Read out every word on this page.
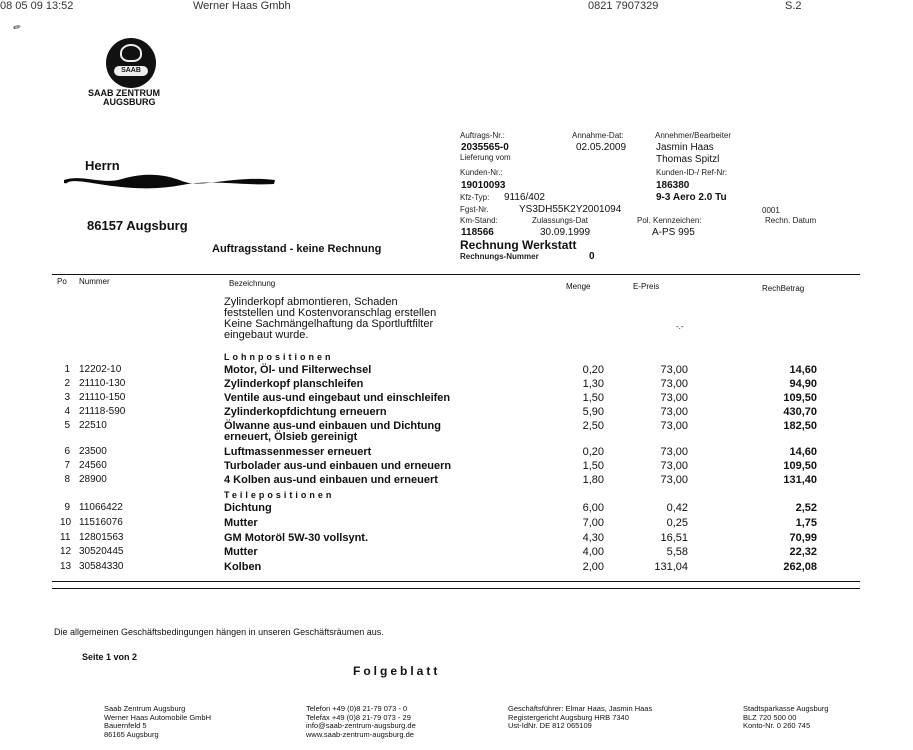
08 05 09 13:52	Werner Haas Gmbh	0821 7907329	S.2
✎
SAAB
SAAB ZENTRUM
AUGSBURG
Herrn
86157 Augsburg
Auftrags-Nr.:	Annahme-Dat:	Annehmer/Bearbeiter
2035565-0	02.05.2009	Jasmin Haas
Lieferung vom	Thomas Spitzl
Kunden-Nr.:	Kunden-ID-/ Ref-Nr:
19010093	186380
Kfz-Typ: 9116/402	9-3 Aero 2.0 Tu
Fgst-Nr.	YS3DH55K2Y2001094	0001
Km-Stand:	Zulassungs-Dat	Pol. Kennzeichen:	Rechn. Datum
118566	30.09.1999	A-PS 995
Rechnung Werkstatt
Rechnungs-Nummer	0
Auftragsstand - keine Rechnung
Po Nummer	Bezeichnung	Menge	E-Preis	RechBetrag
Zylinderkopf abmontieren, Schaden
feststellen und Kostenvoranschlag erstellen
Keine Sachmängelhaftung da Sportluftfilter
eingebaut wurde.
-.-
Lohnpositionen
1 12202-10	Motor, Öl- und Filterwechsel	0,20	73,00	14,60
2 21110-130	Zylinderkopf planschleifen	1,30	73,00	94,90
3 21110-150	Ventile aus-und eingebaut und einschleifen	1,50	73,00	109,50
4 21118-590	Zylinderkopfdichtung erneuern	5,90	73,00	430,70
5 22510	Ölwanne aus-und einbauen und Dichtung
erneuert, Ölsieb gereinigt
2,50	73,00	182,50
6 23500	Luftmassenmesser erneuert	0,20	73,00	14,60
7 24560	Turbolader aus-und einbauen und erneuern	1,50	73,00	109,50
8 28900	4 Kolben aus-und einbauen und erneuert	1,80	73,00	131,40
Teilepositionen
9 11066422	Dichtung	6,00	0,42	2,52
10 11516076	Mutter	7,00	0,25	1,75
11 12801563	GM Motoröl 5W-30 vollsynt.	4,30	16,51	70,99
12 30520445	Mutter	4,00	5,58	22,32
13 30584330	Kolben	2,00	131,04	262,08
Die allgemeinen Geschäftsbedingungen hängen in unseren Geschäftsräumen aus.
Seite 1 von 2
Folgeblatt
Saab Zentrum Augsburg
Werner Haas Automobile GmbH
Bauernfeld 5
86165 Augsburg
Telefon +49 (0)8 21-79 073 - 0
Telefax +49 (0)8 21-79 073 - 29
info@saab-zentrum-augsburg.de
www.saab-zentrum-augsburg.de
Geschäftsführer: Elmar Haas, Jasmin Haas
Registergericht Augsburg HRB 7340
Ust-IdNr. DE 812 065109
Stadtsparkasse Augsburg
BLZ 720 500 00
Konto-Nr. 0 260 745
